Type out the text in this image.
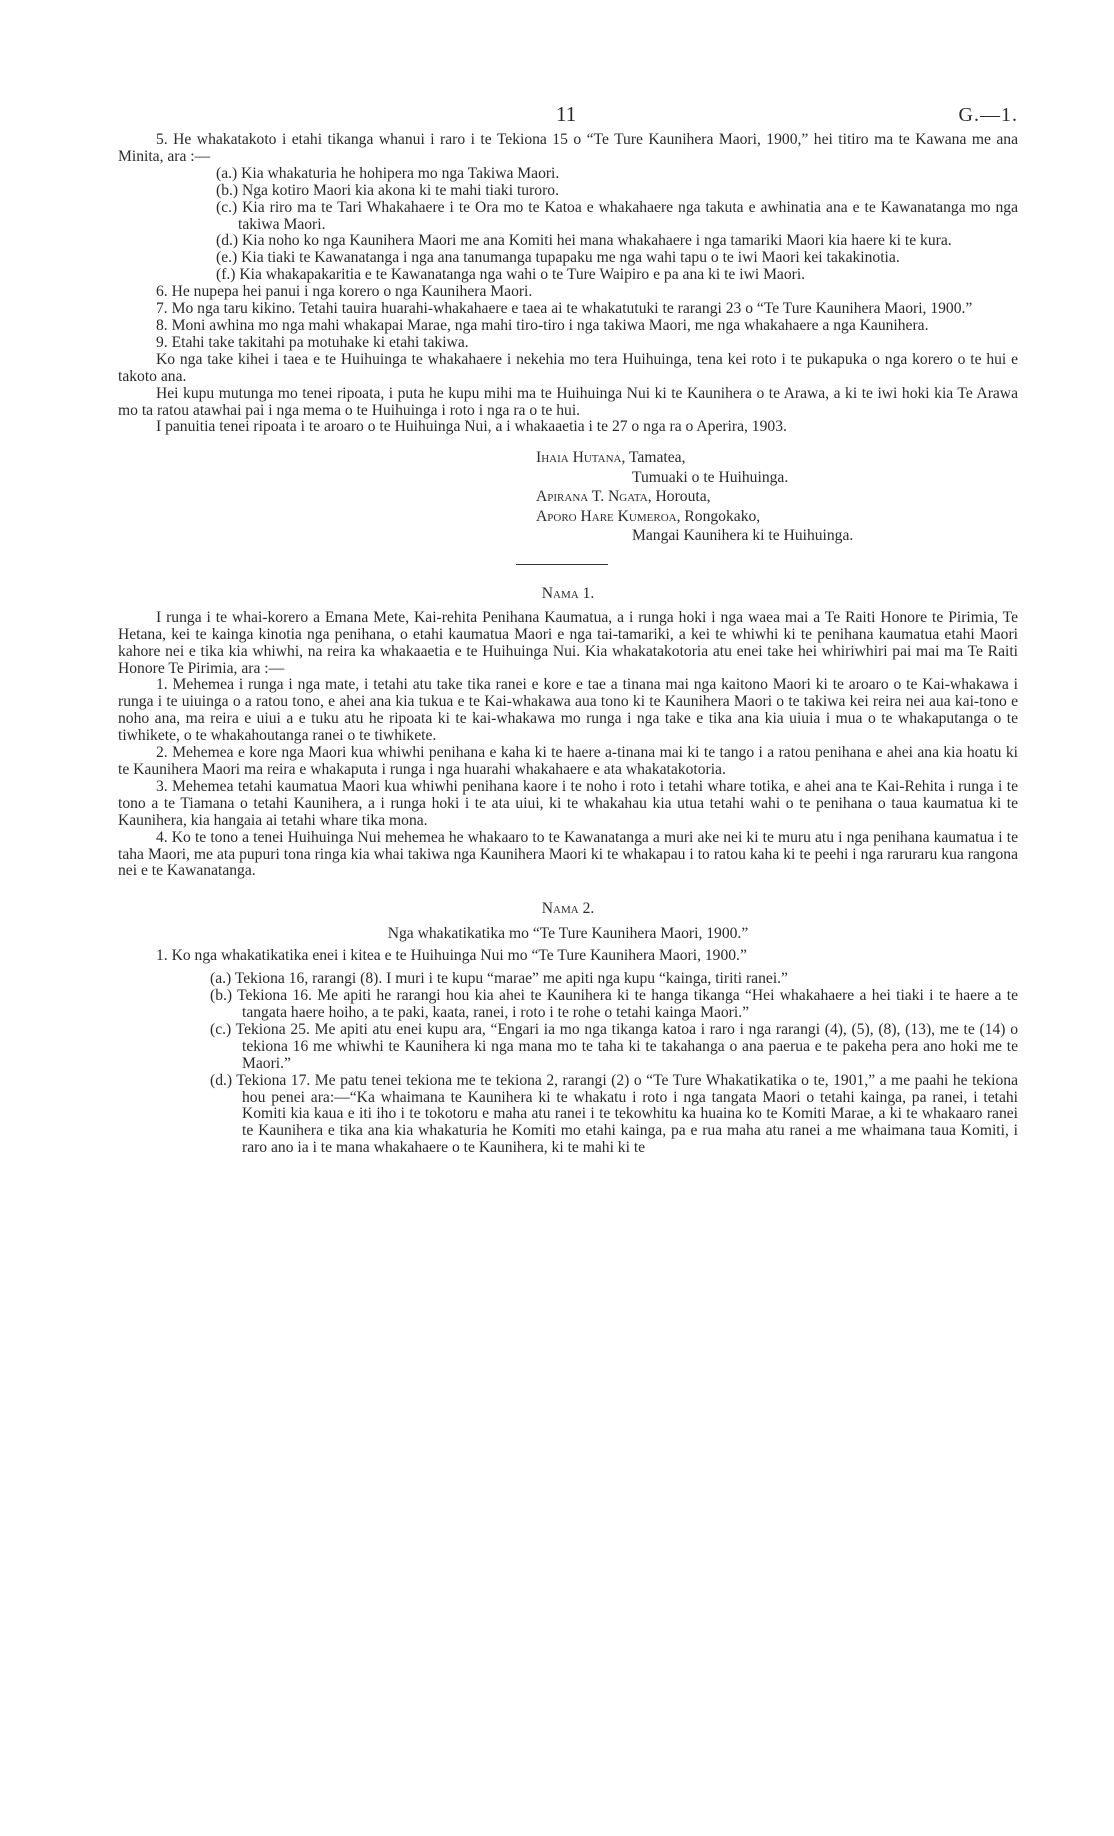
11	G.—1.

5. He whakatakoto i etahi tikanga whanui i raro i te Tekiona 15 o “Te Ture Kaunihera Maori, 1900,” hei titiro ma te Kawana me ana Minita, ara :—

(a.) Kia whakaturia he hohipera mo nga Takiwa Maori.

(b.) Nga kotiro Maori kia akona ki te mahi tiaki turoro.

(c.) Kia riro ma te Tari Whakahaere i te Ora mo te Katoa e whakahaere nga takuta e awhinatia ana e te Kawanatanga mo nga takiwa Maori.

(d.) Kia noho ko nga Kaunihera Maori me ana Komiti hei mana whakahaere i nga tamariki Maori kia haere ki te kura.

(e.) Kia tiaki te Kawanatanga i nga ana tanumanga tupapaku me nga wahi tapu o te iwi Maori kei takakinotia.

(f.) Kia whakapakaritia e te Kawanatanga nga wahi o te Ture Waipiro e pa ana ki te iwi Maori.

6. He nupepa hei panui i nga korero o nga Kaunihera Maori.

7. Mo nga taru kikino. Tetahi tauira huarahi-whakahaere e taea ai te whakatutuki te rarangi 23 o “Te Ture Kaunihera Maori, 1900.”

8. Moni awhina mo nga mahi whakapai Marae, nga mahi tiro-tiro i nga takiwa Maori, me nga whakahaere a nga Kaunihera.

9. Etahi take takitahi pa motuhake ki etahi takiwa.

Ko nga take kihei i taea e te Huihuinga te whakahaere i nekehia mo tera Huihuinga, tena kei roto i te pukapuka o nga korero o te hui e takoto ana.

Hei kupu mutunga mo tenei ripoata, i puta he kupu mihi ma te Huihuinga Nui ki te Kaunihera o te Arawa, a ki te iwi hoki kia Te Arawa mo ta ratou atawhai pai i nga mema o te Huihuinga i roto i nga ra o te hui.

I panuitia tenei ripoata i te aroaro o te Huihuinga Nui, a i whakaaetia i te 27 o nga ra o Aperira, 1903.

Ihaia Hutana, Tamatea,
Tumuaki o te Huihuinga.
Apirana T. Ngata, Horouta,
Aporo Hare Kumeroa, Rongokako,
Mangai Kaunihera ki te Huihuinga.
Nama 1.

I runga i te whai-korero a Emana Mete, Kai-rehita Penihana Kaumatua, a i runga hoki i nga waea mai a Te Raiti Honore te Pirimia, Te Hetana, kei te kainga kinotia nga penihana, o etahi kaumatua Maori e nga tai-tamariki, a kei te whiwhi ki te penihana kaumatua etahi Maori kahore nei e tika kia whiwhi, na reira ka whakaaetia e te Huihuinga Nui. Kia whakatakotoria atu enei take hei whiriwhiri pai mai ma Te Raiti Honore Te Pirimia, ara :—

1. Mehemea i runga i nga mate, i tetahi atu take tika ranei e kore e tae a tinana mai nga kaitono Maori ki te aroaro o te Kai-whakawa i runga i te uiuinga o a ratou tono, e ahei ana kia tukua e te Kai-whakawa aua tono ki te Kaunihera Maori o te takiwa kei reira nei aua kai-tono e noho ana, ma reira e uiui a e tuku atu he ripoata ki te kai-whakawa mo runga i nga take e tika ana kia uiuia i mua o te whakaputanga o te tiwhikete, o te whakahoutanga ranei o te tiwhikete.

2. Mehemea e kore nga Maori kua whiwhi penihana e kaha ki te haere a-tinana mai ki te tango i a ratou penihana e ahei ana kia hoatu ki te Kaunihera Maori ma reira e whakaputa i runga i nga huarahi whakahaere e ata whakatakotoria.

3. Mehemea tetahi kaumatua Maori kua whiwhi penihana kaore i te noho i roto i tetahi whare totika, e ahei ana te Kai-Rehita i runga i te tono a te Tiamana o tetahi Kaunihera, a i runga hoki i te ata uiui, ki te whakahau kia utua tetahi wahi o te penihana o taua kaumatua ki te Kaunihera, kia hangaia ai tetahi whare tika mona.

4. Ko te tono a tenei Huihuinga Nui mehemea he whakaaro to te Kawanatanga a muri ake nei ki te muru atu i nga penihana kaumatua i te taha Maori, me ata pupuri tona ringa kia whai takiwa nga Kaunihera Maori ki te whakapau i to ratou kaha ki te peehi i nga raruraru kua rangona nei e te Kawanatanga.

Nama 2.
Nga whakatikatika mo “Te Ture Kaunihera Maori, 1900.”

1. Ko nga whakatikatika enei i kitea e te Huihuinga Nui mo “Te Ture Kaunihera Maori, 1900.”

(a.) Tekiona 16, rarangi (8). I muri i te kupu “marae” me apiti nga kupu “kainga, tiriti ranei.”

(b.) Tekiona 16. Me apiti he rarangi hou kia ahei te Kaunihera ki te hanga tikanga “Hei whakahaere a hei tiaki i te haere a te tangata haere hoiho, a te paki, kaata, ranei, i roto i te rohe o tetahi kainga Maori.”

(c.) Tekiona 25. Me apiti atu enei kupu ara, “Engari ia mo nga tikanga katoa i raro i nga rarangi (4), (5), (8), (13), me te (14) o tekiona 16 me whiwhi te Kaunihera ki nga mana mo te taha ki te takahanga o ana paerua e te pakeha pera ano hoki me te Maori.”

(d.) Tekiona 17. Me patu tenei tekiona me te tekiona 2, rarangi (2) o “Te Ture Whakatikatika o te, 1901,” a me paahi he tekiona hou penei ara:—“Ka whaimana te Kaunihera ki te whakatu i roto i nga tangata Maori o tetahi kainga, pa ranei, i tetahi Komiti kia kaua e iti iho i te tokotoru e maha atu ranei i te tekowhitu ka huaina ko te Komiti Marae, a ki te whakaaro ranei te Kaunihera e tika ana kia whakaturia he Komiti mo etahi kainga, pa e rua maha atu ranei a me whaimana taua Komiti, i raro ano ia i te mana whakahaere o te Kaunihera, ki te mahi ki te
